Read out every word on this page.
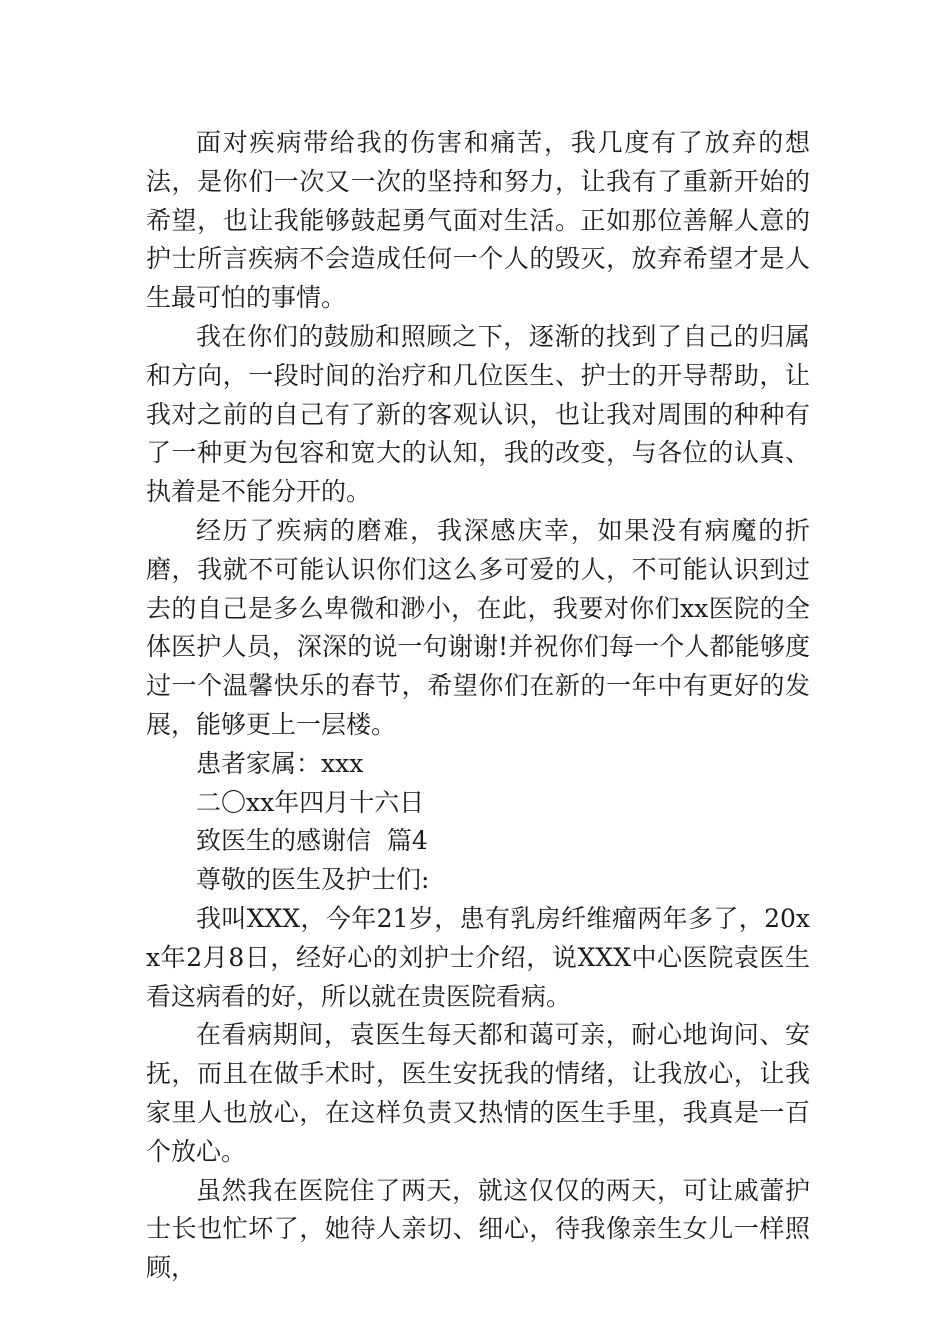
面对疾病带给我的伤害和痛苦，我几度有了放弃的想法，是你们一次又一次的坚持和努力，让我有了重新开始的希望，也让我能够鼓起勇气面对生活。正如那位善解人意的护士所言疾病不会造成任何一个人的毁灭，放弃希望才是人生最可怕的事情。

我在你们的鼓励和照顾之下，逐渐的找到了自己的归属和方向，一段时间的治疗和几位医生、护士的开导帮助，让我对之前的自己有了新的客观认识，也让我对周围的种种有了一种更为包容和宽大的认知，我的改变，与各位的认真、执着是不能分开的。

经历了疾病的磨难，我深感庆幸，如果没有病魔的折磨，我就不可能认识你们这么多可爱的人，不可能认识到过去的自己是多么卑微和渺小，在此，我要对你们xx医院的全体医护人员，深深的说一句谢谢!并祝你们每一个人都能够度过一个温馨快乐的春节，希望你们在新的一年中有更好的发展，能够更上一层楼。

患者家属：xxx

二〇xx年四月十六日

致医生的感谢信  篇4

尊敬的医生及护士们:

我叫XXX，今年21岁，患有乳房纤维瘤两年多了，20xx年2月8日，经好心的刘护士介绍，说XXX中心医院袁医生看这病看的好，所以就在贵医院看病。

在看病期间，袁医生每天都和蔼可亲，耐心地询问、安抚，而且在做手术时，医生安抚我的情绪，让我放心，让我家里人也放心，在这样负责又热情的医生手里，我真是一百个放心。

虽然我在医院住了两天，就这仅仅的两天，可让戚蕾护士长也忙坏了，她待人亲切、细心，待我像亲生女儿一样照顾，
